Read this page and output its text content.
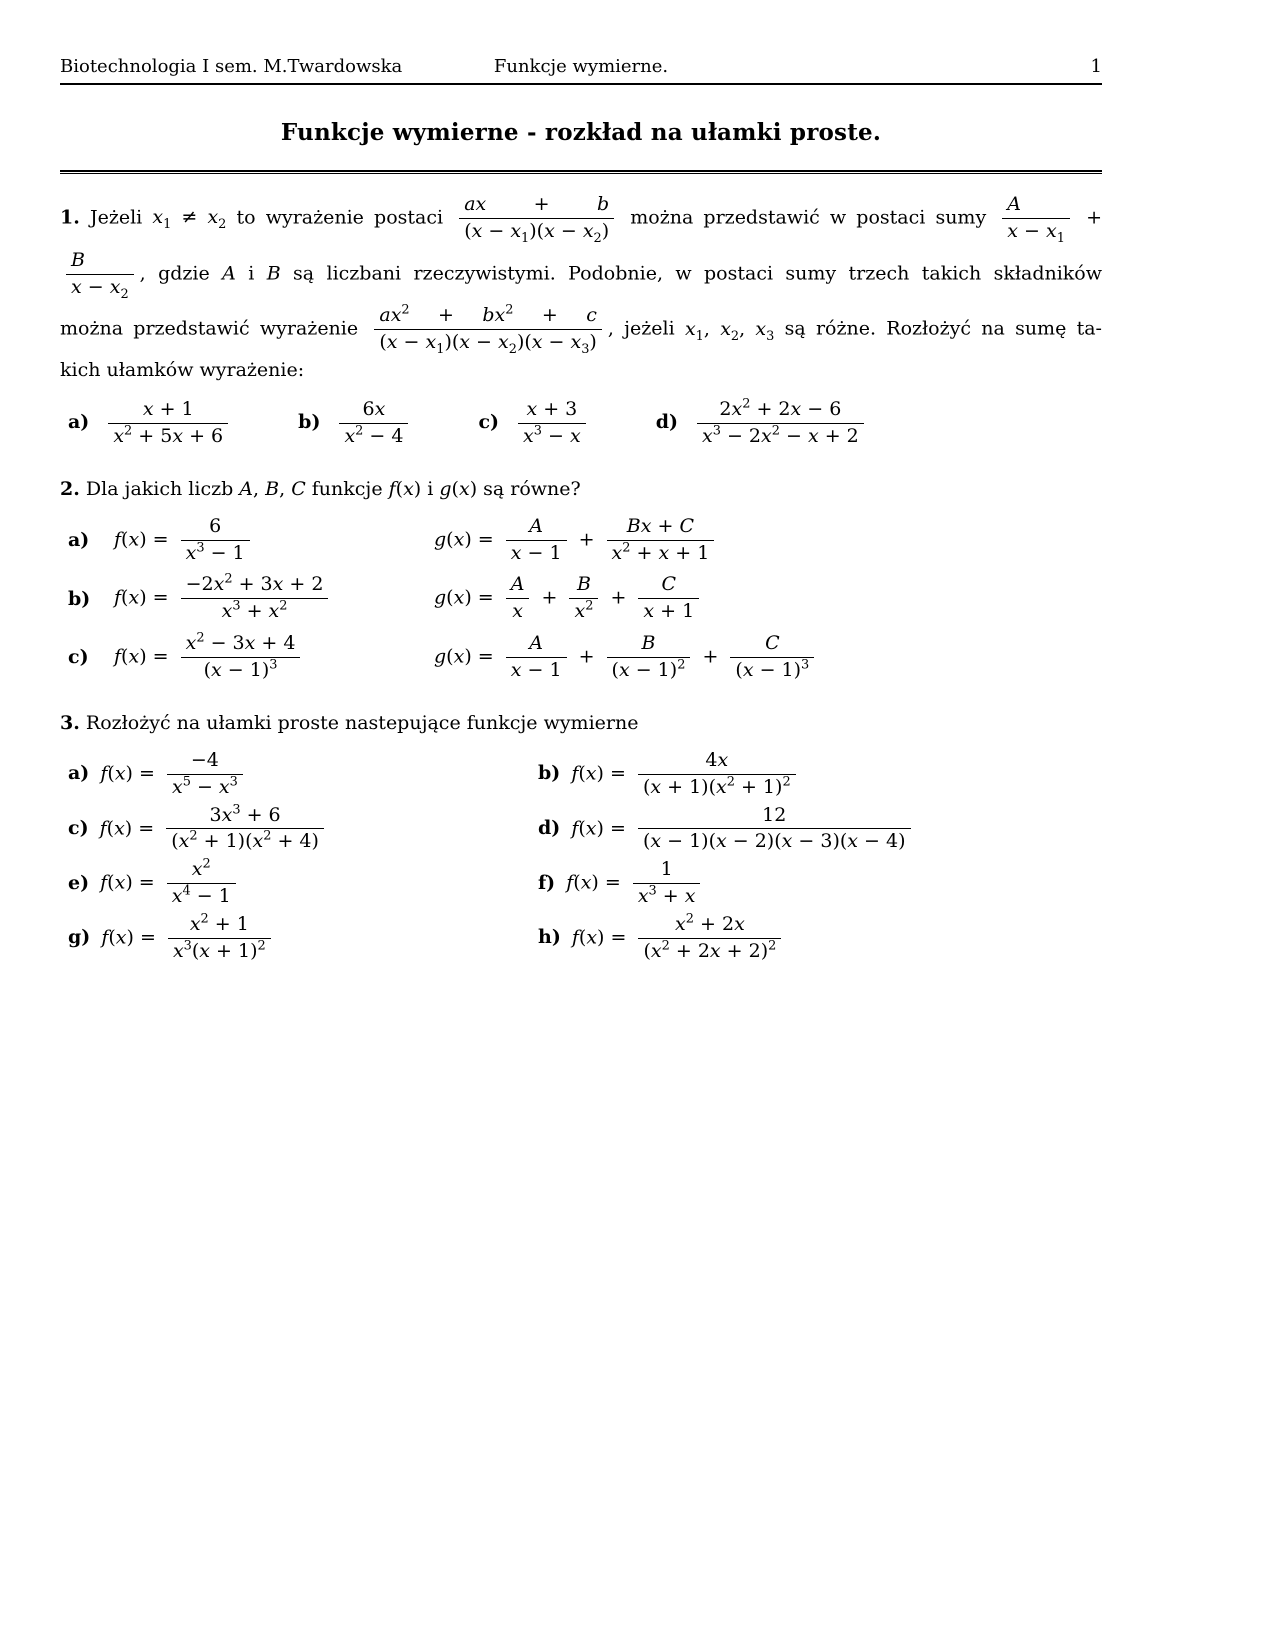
Biotechnologia I sem. M.Twardowska	Funkcje wymierne.	1
Funkcje wymierne - rozkład na ułamki proste.
1. Jeżeli $x_1 \ne x_2$ to wyrażenie postaci $\frac{ax + b}{(x - x_1)(x - x_2)}$ można przedstawić w postaci sumy $\frac{A}{x - x_1}$ +
$\frac{B}{x - x_2}$ , gdzie A i B są liczbani rzeczywistymi. Podobnie, w postaci sumy trzech takich składników
można przedstawić wyrażenie $\frac{ax^2 + bx^2 + c}{(x - x_1)(x - x_2)(x - x_3)}$ , jeżeli $x_1$, $x_2$, $x_3$ są różne. Rozłożyć na sumę ta-
kich ułamków wyrażenie:
$a) \frac{x + 1}{x^2 + 5x + 6}$	$b) \frac{6x}{x^2 - 4}$	$c) \frac{x + 3}{x^3 - x}$	$d) \frac{2x^2 + 2x - 6}{x^3 - 2x^2 - x + 2}$
2. Dla jakich liczb A, B, C funkcje f(x) i g(x) są równe?
a)	$f(x) = \frac{6}{x^3 - 1}$	$g(x) = \frac{A}{x - 1} + \frac{Bx + C}{x^2 + x + 1}$
b)	$f(x) = \frac{-2x^2 + 3x + 2}{x^3 + x^2}$	$g(x) = \frac{A}{x} + \frac{B}{x^2} + \frac{C}{x + 1}$
c)	$f(x) = \frac{x^2 - 3x + 4}{(x - 1)^3}$	$g(x) = \frac{A}{x - 1} + \frac{B}{(x - 1)^2} + \frac{C}{(x - 1)^3}$
3. Rozłożyć na ułamki proste nastepujące funkcje wymierne
a) $f(x) = \frac{-4}{x^5 - x^3}$	b) $f(x) = \frac{4x}{(x + 1)(x^2 + 1)^2}$
c) $f(x) = \frac{3x^3 + 6}{(x^2 + 1)(x^2 + 4)}$	d) $f(x) = \frac{12}{(x - 1)(x - 2)(x - 3)(x - 4)}$
e) $f(x) = \frac{x^2}{x^4 - 1}$	f) $f(x) = \frac{1}{x^3 + x}$
g) $f(x) = \frac{x^2 + 1}{x^3(x + 1)^2}$	h) $f(x) = \frac{x^2 + 2x}{(x^2 + 2x + 2)^2}$
